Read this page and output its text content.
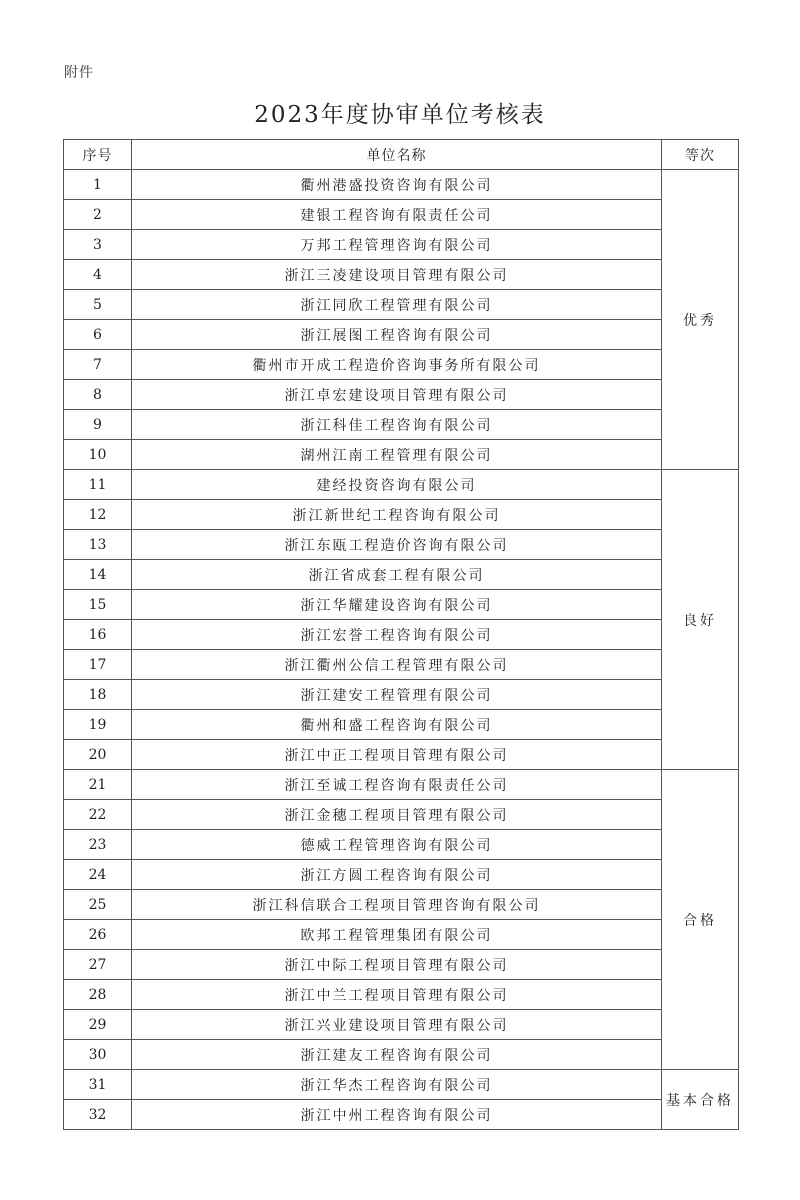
附件
2023年度协审单位考核表
序号	单位名称	等次
1	衢州港盛投资咨询有限公司	优秀
2	建银工程咨询有限责任公司	
3	万邦工程管理咨询有限公司	
4	浙江三凌建设项目管理有限公司	
5	浙江同欣工程管理有限公司	
6	浙江展图工程咨询有限公司	
7	衢州市开成工程造价咨询事务所有限公司	
8	浙江卓宏建设项目管理有限公司	
9	浙江科佳工程咨询有限公司	
10	湖州江南工程管理有限公司	
11	建经投资咨询有限公司	良好
12	浙江新世纪工程咨询有限公司	
13	浙江东瓯工程造价咨询有限公司	
14	浙江省成套工程有限公司	
15	浙江华耀建设咨询有限公司	
16	浙江宏誉工程咨询有限公司	
17	浙江衢州公信工程管理有限公司	
18	浙江建安工程管理有限公司	
19	衢州和盛工程咨询有限公司	
20	浙江中正工程项目管理有限公司	
21	浙江至诚工程咨询有限责任公司	合格
22	浙江金穗工程项目管理有限公司	
23	德威工程管理咨询有限公司	
24	浙江方圆工程咨询有限公司	
25	浙江科信联合工程项目管理咨询有限公司	
26	欧邦工程管理集团有限公司	
27	浙江中际工程项目管理有限公司	
28	浙江中兰工程项目管理有限公司	
29	浙江兴业建设项目管理有限公司	
30	浙江建友工程咨询有限公司	
31	浙江华杰工程咨询有限公司	基本合格
32	浙江中州工程咨询有限公司	
